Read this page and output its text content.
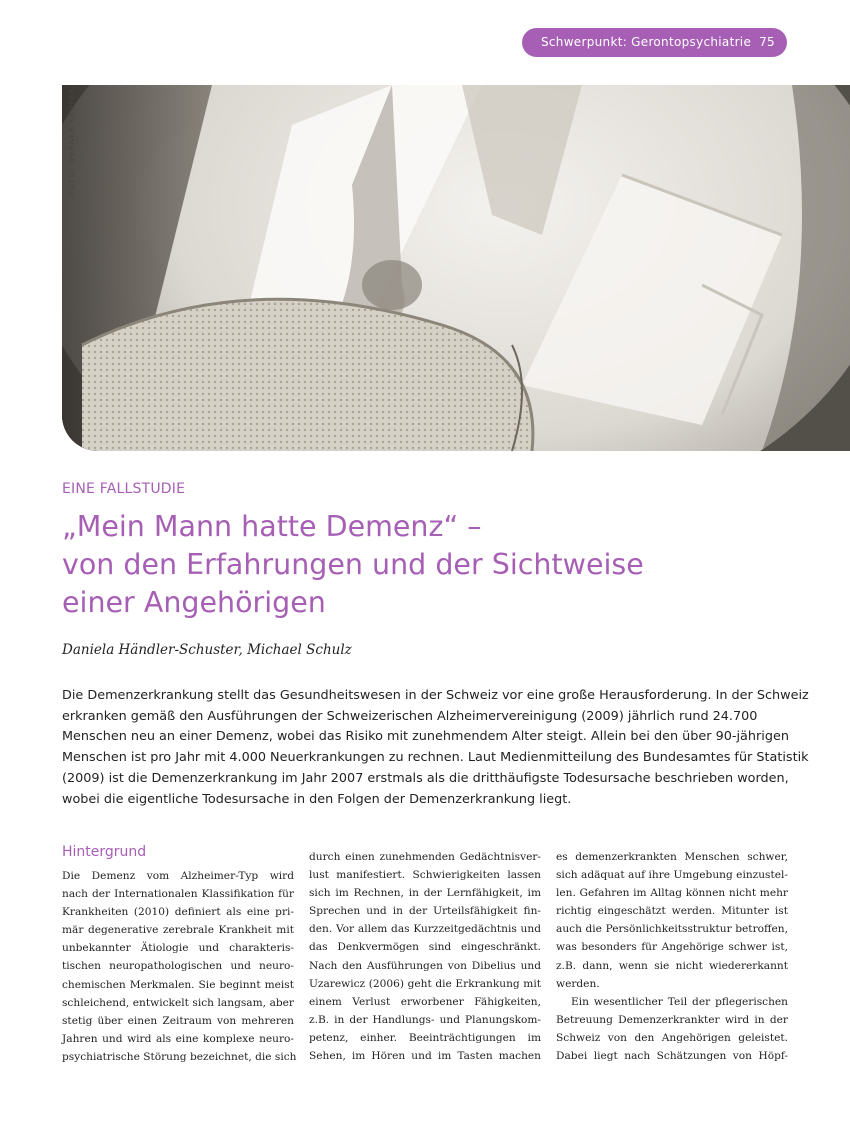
Schwerpunkt: Gerontopsychiatrie 75
FOTO: WERNER KRÜPER
EINE FALLSTUDIE
„Mein Mann hatte Demenz“ –
von den Erfahrungen und der Sichtweise
einer Angehörigen
Daniela Händler-Schuster, Michael Schulz
Die Demenzerkrankung stellt das Gesundheitswesen in der Schweiz vor eine große Herausforderung. In der Schweiz
erkranken gemäß den Ausführungen der Schweizerischen Alzheimervereinigung (2009) jährlich rund 24.700
Menschen neu an einer Demenz, wobei das Risiko mit zunehmendem Alter steigt. Allein bei den über 90-jährigen
Menschen ist pro Jahr mit 4.000 Neuerkrankungen zu rechnen. Laut Medienmitteilung des Bundesamtes für Statistik
(2009) ist die Demenzerkrankung im Jahr 2007 erstmals als die dritthäufigste Todesursache beschrieben worden,
wobei die eigentliche Todesursache in den Folgen der Demenzerkrankung liegt.
Hintergrund
Die Demenz vom Alzheimer-Typ wird
nach der Internationalen Klassifikation für
Krankheiten (2010) definiert als eine pri-
mär degenerative zerebrale Krankheit mit
unbekannter Ätiologie und charakteris-
tischen neuropathologischen und neuro-
chemischen Merkmalen. Sie beginnt meist
schleichend, entwickelt sich langsam, aber
stetig über einen Zeitraum von mehreren
Jahren und wird als eine komplexe neuro-
psychiatrische Störung bezeichnet, die sich
durch einen zunehmenden Gedächtnisver-
lust manifestiert. Schwierigkeiten lassen
sich im Rechnen, in der Lernfähigkeit, im
Sprechen und in der Urteilsfähigkeit fin-
den. Vor allem das Kurzzeitgedächtnis und
das Denkvermögen sind eingeschränkt.
Nach den Ausführungen von Dibelius und
Uzarewicz (2006) geht die Erkrankung mit
einem Verlust erworbener Fähigkeiten,
z.B. in der Handlungs- und Planungskom-
petenz, einher. Beeinträchtigungen im
Sehen, im Hören und im Tasten machen
es demenzerkrankten Menschen schwer,
sich adäquat auf ihre Umgebung einzustel-
len. Gefahren im Alltag können nicht mehr
richtig eingeschätzt werden. Mitunter ist
auch die Persönlichkeitsstruktur betroffen,
was besonders für Angehörige schwer ist,
z.B. dann, wenn sie nicht wiedererkannt
werden.
Ein wesentlicher Teil der pflegerischen
Betreuung Demenzerkrankter wird in der
Schweiz von den Angehörigen geleistet.
Dabei liegt nach Schätzungen von Höpf-
